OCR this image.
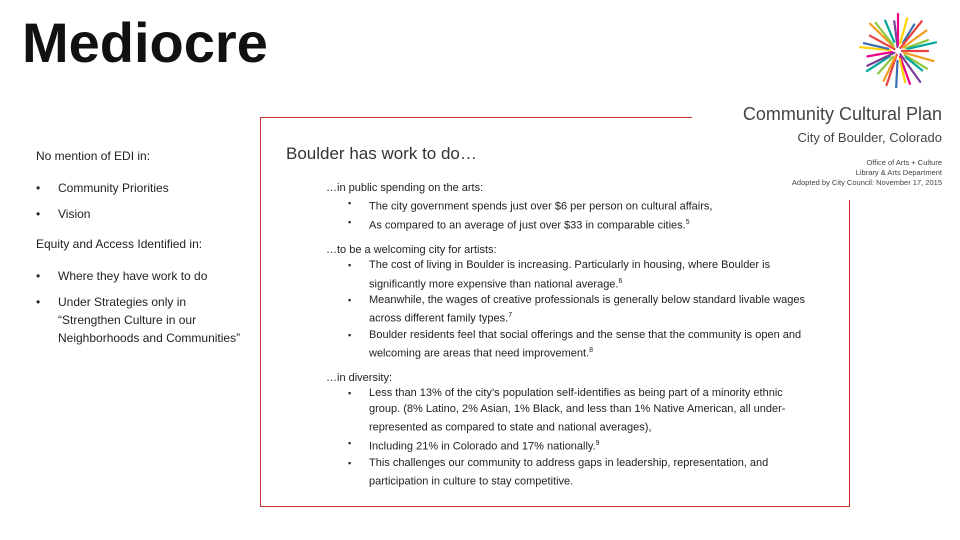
Mediocre

No mention of EDI in:

• Community Priorities
• Vision

Equity and Access Identified in:

• Where they have work to do
• Under Strategies only in “Strengthen Culture in our Neighborhoods and Communities”

Boulder has work to do…

…in public spending on the arts:
▪ The city government spends just over $6 per person on cultural affairs,
▪ As compared to an average of just over $33 in comparable cities.$^5$
…to be a welcoming city for artists:
▪ The cost of living in Boulder is increasing. Particularly in housing, where Boulder is significantly more expensive than national average.$^6$
▪ Meanwhile, the wages of creative professionals is generally below standard livable wages across different family types.$^7$
▪ Boulder residents feel that social offerings and the sense that the community is open and welcoming are areas that need improvement.$^8$
…in diversity:
▪ Less than 13% of the city’s population self-identifies as being part of a minority ethnic group. (8% Latino, 2% Asian, 1% Black, and less than 1% Native American, all under-represented as compared to state and national averages),
▪ Including 21% in Colorado and 17% nationally.$^9$
▪ This challenges our community to address gaps in leadership, representation, and participation in culture to stay competitive.
Community Cultural Plan
City of Boulder, Colorado
Office of Arts + Culture
Library & Arts Department
Adopted by City Council: November 17, 2015
